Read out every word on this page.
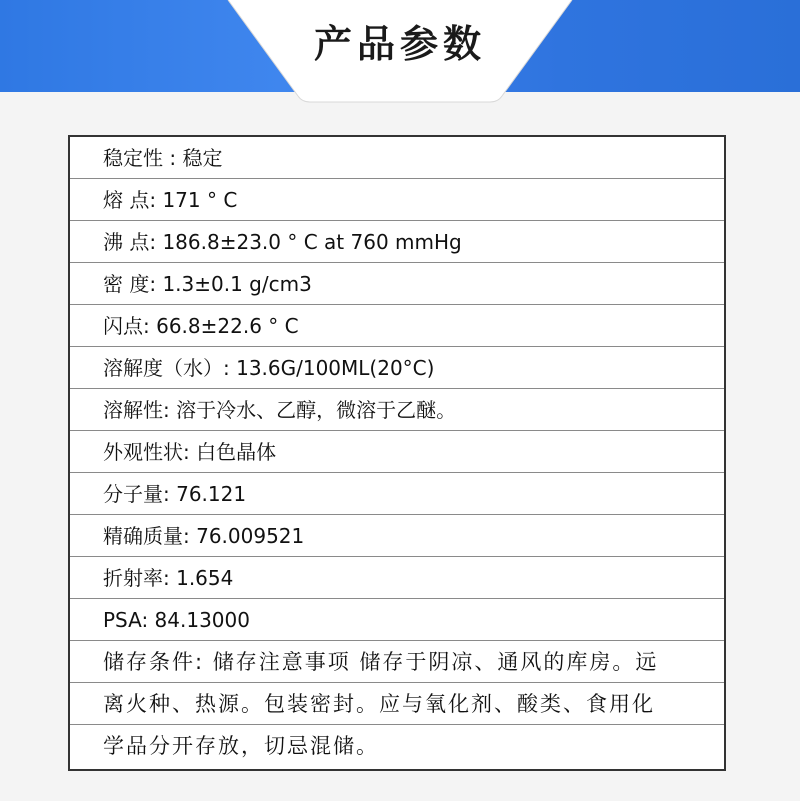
产品参数
稳定性 : 稳定
熔 点: 171 ° C
沸 点: 186.8±23.0 ° C at 760 mmHg
密 度: 1.3±0.1 g/cm3
闪点: 66.8±22.6 ° C
溶解度（水）: 13.6G/100ML(20°C)
溶解性: 溶于冷水、乙醇，微溶于乙醚。
外观性状: 白色晶体
分子量: 76.121
精确质量: 76.009521
折射率: 1.654
PSA: 84.13000
储存条件: 储存注意事项 储存于阴凉、通风的库房。远
离火种、热源。包装密封。应与氧化剂、酸类、食用化
学品分开存放，切忌混储。
